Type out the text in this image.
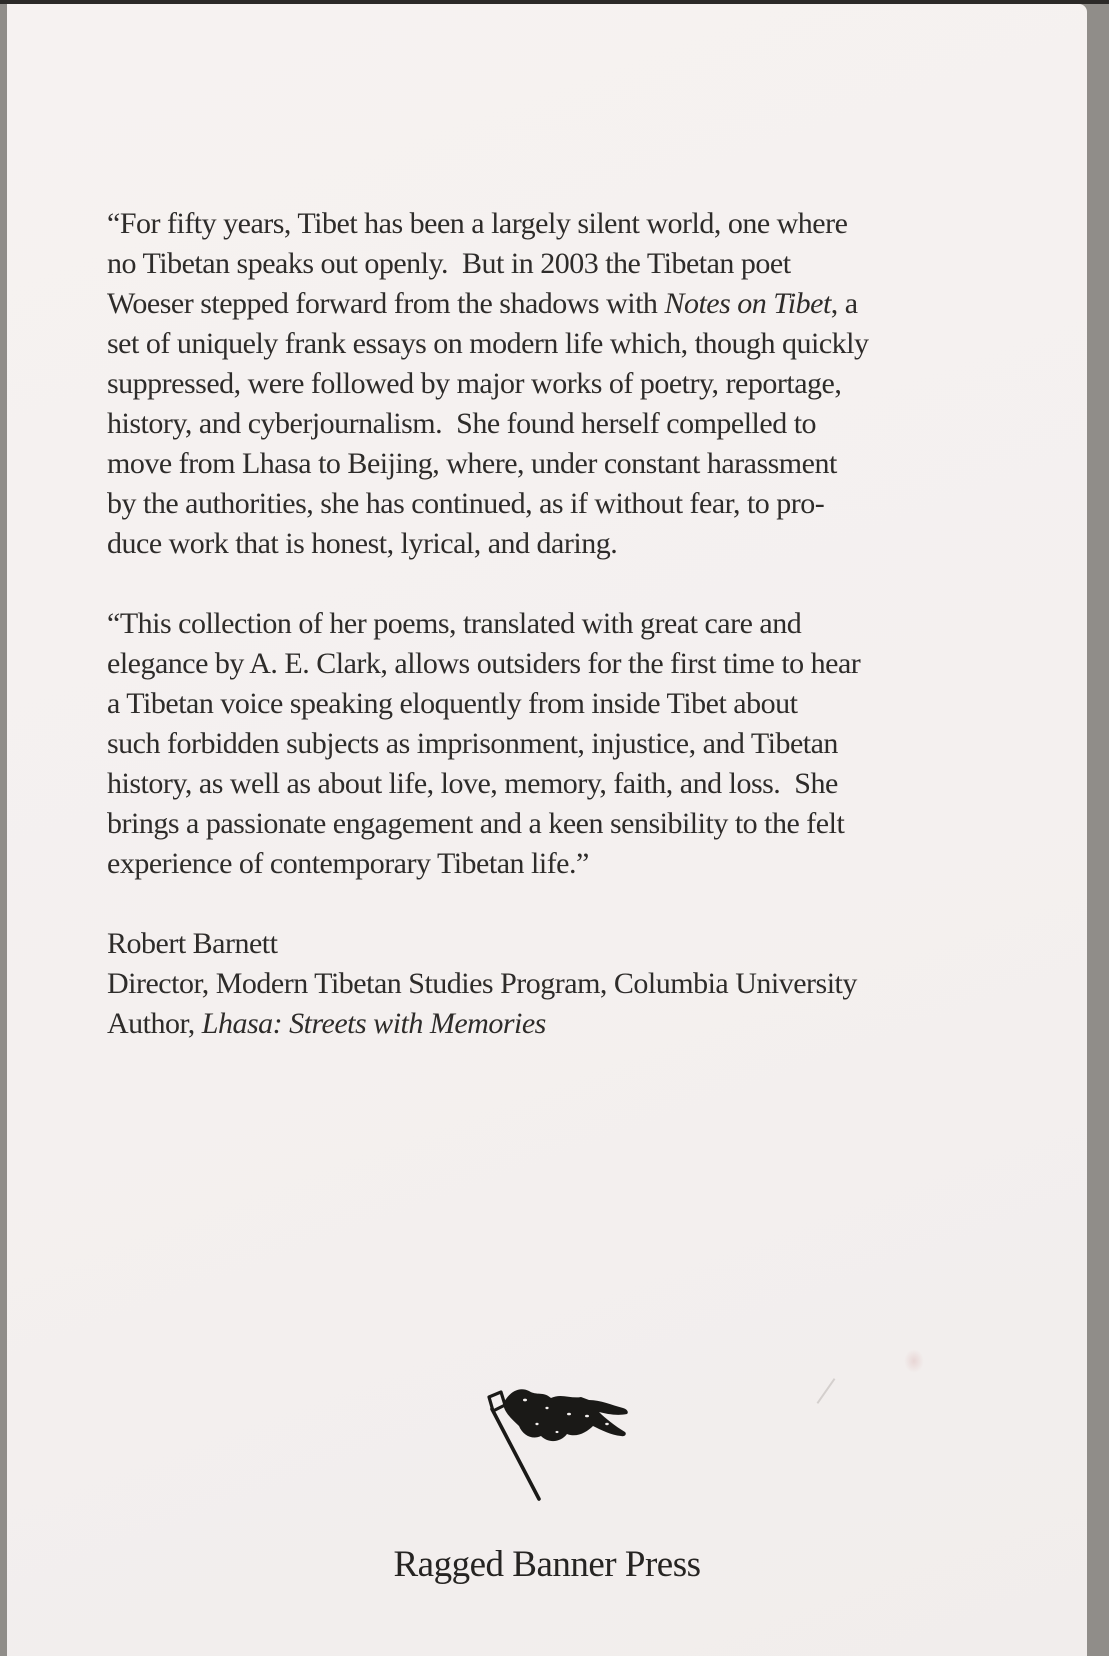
“For fifty years, Tibet has been a largely silent world, one where
no Tibetan speaks out openly.  But in 2003 the Tibetan poet
Woeser stepped forward from the shadows with Notes on Tibet, a
set of uniquely frank essays on modern life which, though quickly
suppressed, were followed by major works of poetry, reportage,
history, and cyberjournalism.  She found herself compelled to
move from Lhasa to Beijing, where, under constant harassment
by the authorities, she has continued, as if without fear, to pro-
duce work that is honest, lyrical, and daring.
“This collection of her poems, translated with great care and
elegance by A. E. Clark, allows outsiders for the first time to hear
a Tibetan voice speaking eloquently from inside Tibet about
such forbidden subjects as imprisonment, injustice, and Tibetan
history, as well as about life, love, memory, faith, and loss.  She
brings a passionate engagement and a keen sensibility to the felt
experience of contemporary Tibetan life.”
Robert Barnett
Director, Modern Tibetan Studies Program, Columbia University
Author, Lhasa: Streets with Memories
Ragged Banner Press
